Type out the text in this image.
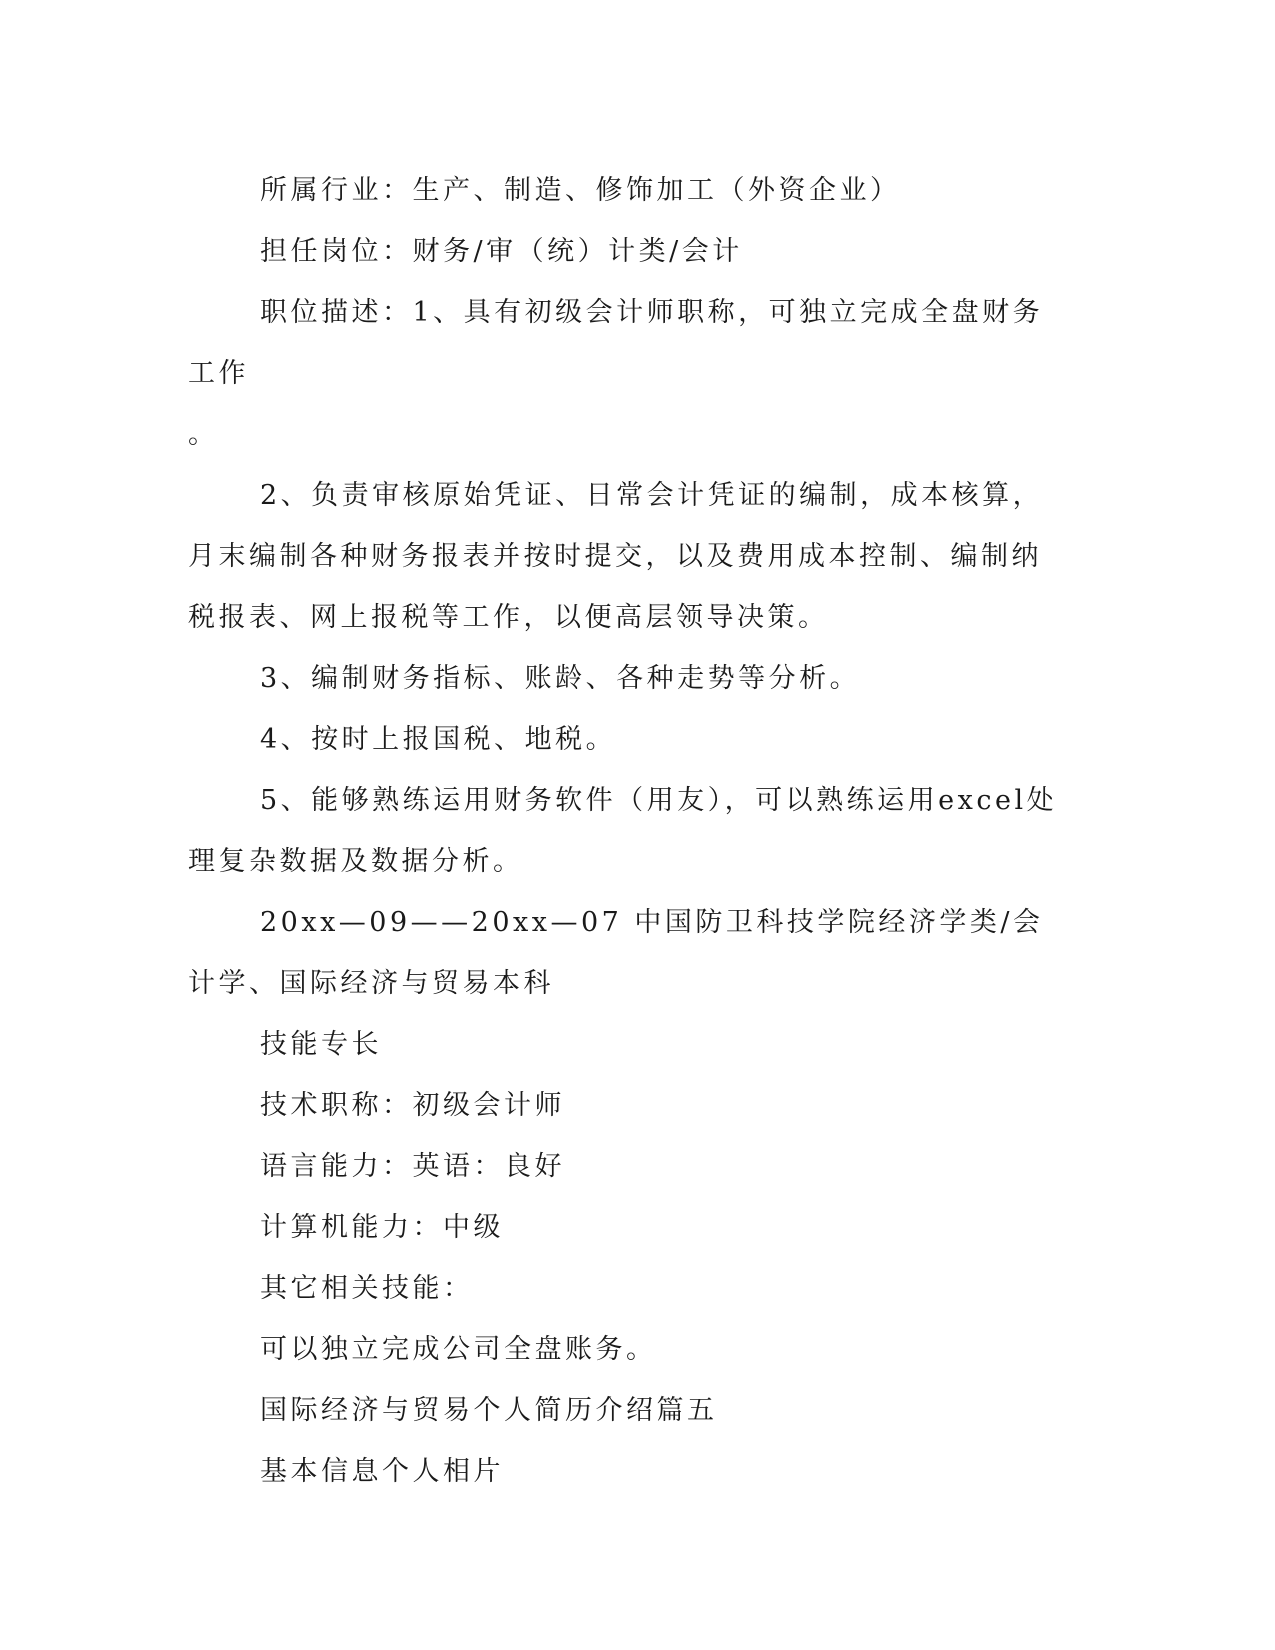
所属行业：生产、制造、修饰加工（外资企业）

担任岗位：财务/审（统）计类/会计

职位描述：1、具有初级会计师职称，可独立完成全盘财务工作

。

2、负责审核原始凭证、日常会计凭证的编制，成本核算，月末编制各种财务报表并按时提交，以及费用成本控制、编制纳税报表、网上报税等工作，以便高层领导决策。

3、编制财务指标、账龄、各种走势等分析。

4、按时上报国税、地税。

5、能够熟练运用财务软件（用友），可以熟练运用excel处理复杂数据及数据分析。

20xx—09——20xx—07 中国防卫科技学院经济学类/会计学、国际经济与贸易本科

技能专长

技术职称：初级会计师

语言能力：英语：良好

计算机能力：中级

其它相关技能：

可以独立完成公司全盘账务。

国际经济与贸易个人简历介绍篇五

基本信息个人相片
